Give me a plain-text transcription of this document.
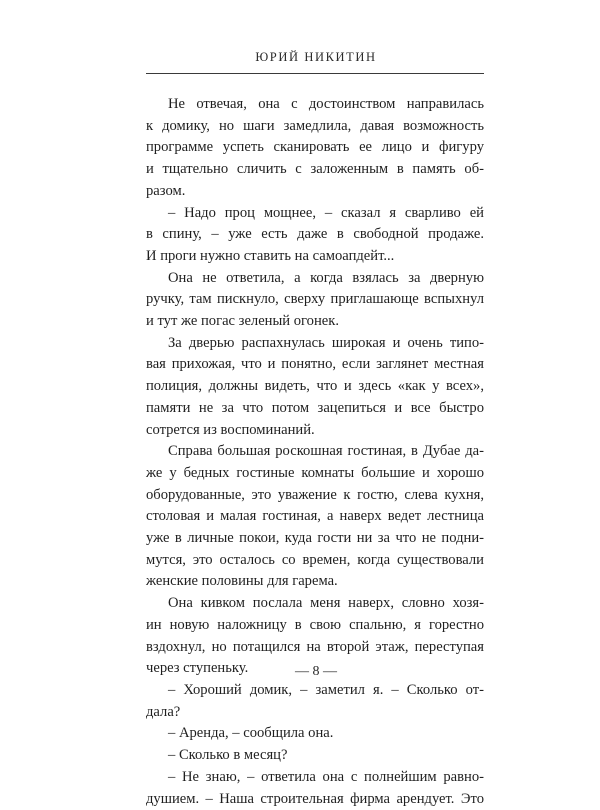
ЮРИЙ НИКИТИН
Не отвечая, она с достоинством направилась
к домику, но шаги замедлила, давая возможность
программе успеть сканировать ее лицо и фигуру
и тщательно сличить с заложенным в память об-
разом.
– Надо проц мощнее, – сказал я сварливо ей
в спину, – уже есть даже в свободной продаже.
И проги нужно ставить на самоапдейт...
Она не ответила, а когда взялась за дверную
ручку, там пискнуло, сверху приглашающе вспыхнул
и тут же погас зеленый огонек.
За дверью распахнулась широкая и очень типо-
вая прихожая, что и понятно, если заглянет местная
полиция, должны видеть, что и здесь «как у всех»,
памяти не за что потом зацепиться и все быстро
сотрется из воспоминаний.
Справа большая роскошная гостиная, в Дубае да-
же у бедных гостиные комнаты большие и хорошо
оборудованные, это уважение к гостю, слева кухня,
столовая и малая гостиная, а наверх ведет лестница
уже в личные покои, куда гости ни за что не подни-
мутся, это осталось со времен, когда существовали
женские половины для гарема.
Она кивком послала меня наверх, словно хозя-
ин новую наложницу в свою спальню, я горестно
вздохнул, но потащился на второй этаж, переступая
через ступеньку.
– Хороший домик, – заметил я. – Сколько от-
дала?
– Аренда, – сообщила она.
– Сколько в месяц?
– Не знаю, – ответила она с полнейшим равно-
душием. – Наша строительная фирма арендует. Это
— 8 —
